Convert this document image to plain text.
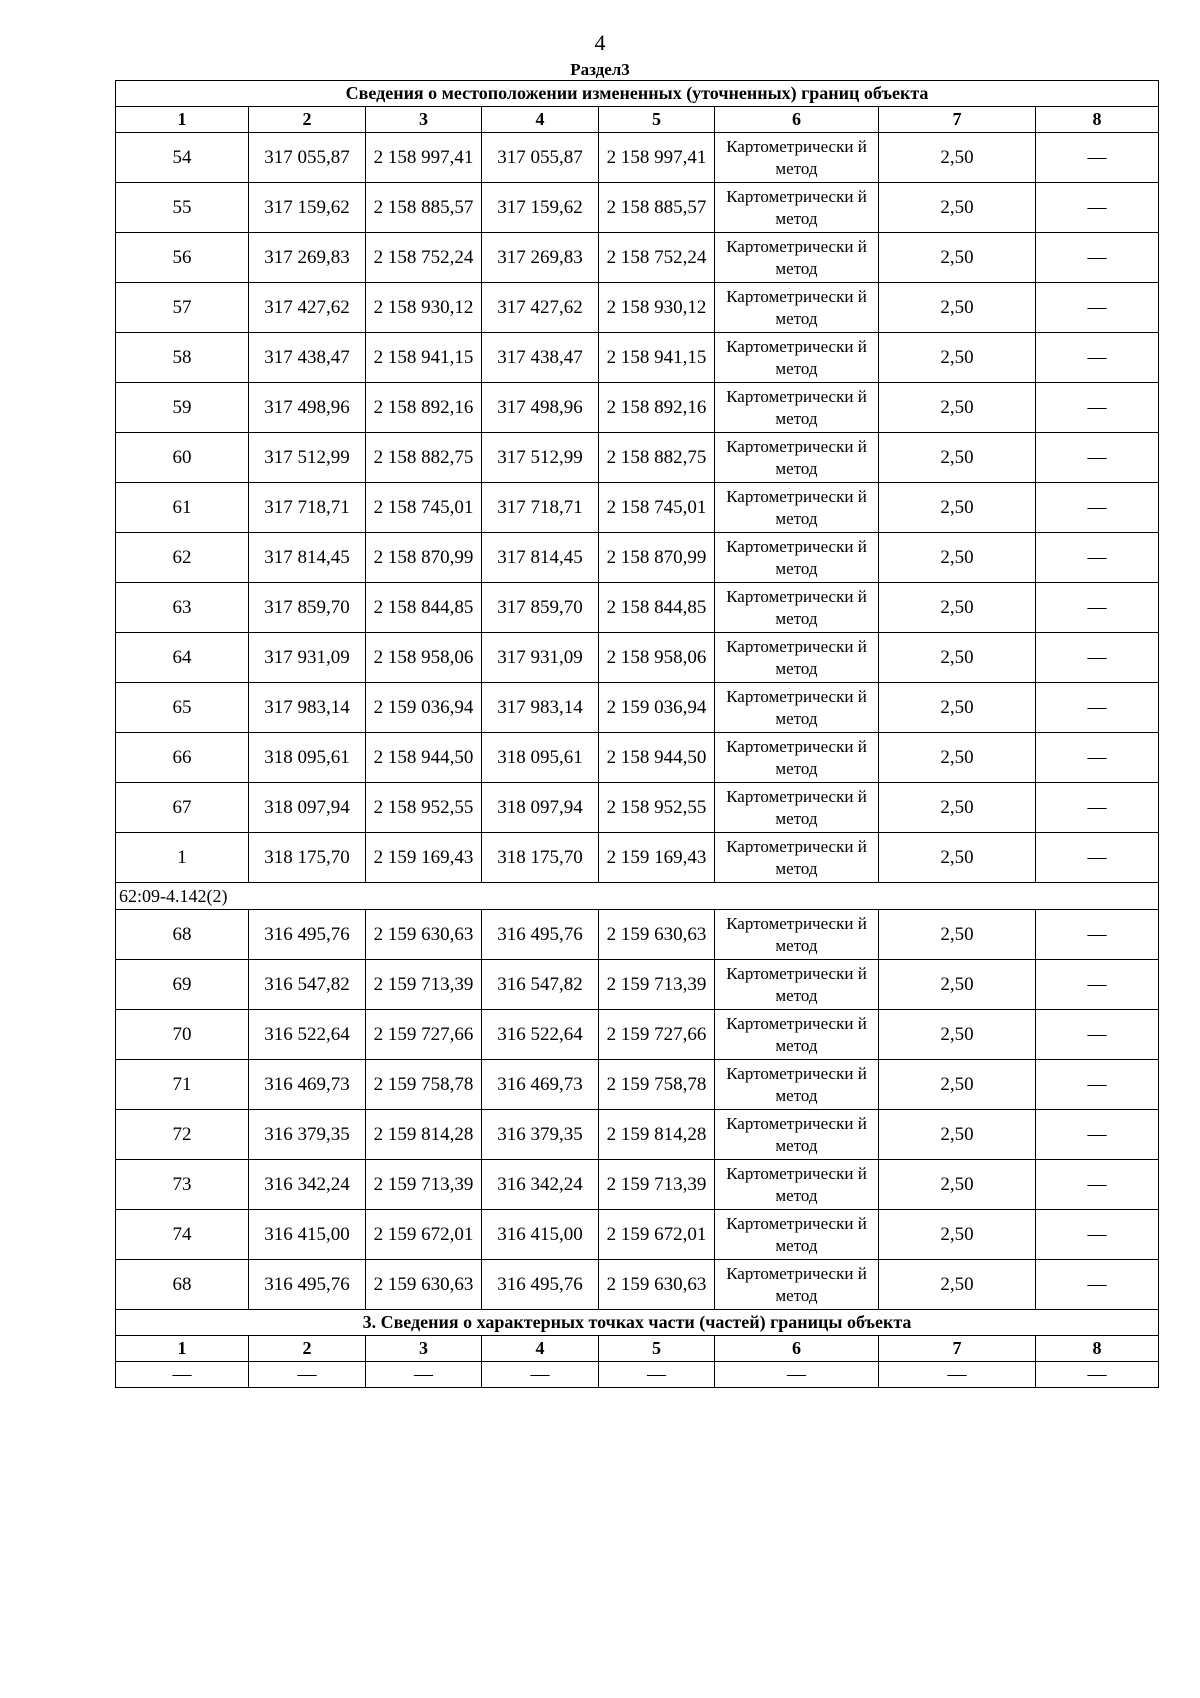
4
Раздел3
Сведения о местоположении измененных (уточненных) границ объекта							
1	2	3	4	5	6	7	8
54	317 055,87	2 158 997,41	317 055,87	2 158 997,41	Картометрически й метод	2,50	—
55	317 159,62	2 158 885,57	317 159,62	2 158 885,57	Картометрически й метод	2,50	—
56	317 269,83	2 158 752,24	317 269,83	2 158 752,24	Картометрически й метод	2,50	—
57	317 427,62	2 158 930,12	317 427,62	2 158 930,12	Картометрически й метод	2,50	—
58	317 438,47	2 158 941,15	317 438,47	2 158 941,15	Картометрически й метод	2,50	—
59	317 498,96	2 158 892,16	317 498,96	2 158 892,16	Картометрически й метод	2,50	—
60	317 512,99	2 158 882,75	317 512,99	2 158 882,75	Картометрически й метод	2,50	—
61	317 718,71	2 158 745,01	317 718,71	2 158 745,01	Картометрически й метод	2,50	—
62	317 814,45	2 158 870,99	317 814,45	2 158 870,99	Картометрически й метод	2,50	—
63	317 859,70	2 158 844,85	317 859,70	2 158 844,85	Картометрически й метод	2,50	—
64	317 931,09	2 158 958,06	317 931,09	2 158 958,06	Картометрически й метод	2,50	—
65	317 983,14	2 159 036,94	317 983,14	2 159 036,94	Картометрически й метод	2,50	—
66	318 095,61	2 158 944,50	318 095,61	2 158 944,50	Картометрически й метод	2,50	—
67	318 097,94	2 158 952,55	318 097,94	2 158 952,55	Картометрически й метод	2,50	—
1	318 175,70	2 159 169,43	318 175,70	2 159 169,43	Картометрически й метод	2,50	—
62:09-4.142(2)							
68	316 495,76	2 159 630,63	316 495,76	2 159 630,63	Картометрически й метод	2,50	—
69	316 547,82	2 159 713,39	316 547,82	2 159 713,39	Картометрически й метод	2,50	—
70	316 522,64	2 159 727,66	316 522,64	2 159 727,66	Картометрически й метод	2,50	—
71	316 469,73	2 159 758,78	316 469,73	2 159 758,78	Картометрически й метод	2,50	—
72	316 379,35	2 159 814,28	316 379,35	2 159 814,28	Картометрически й метод	2,50	—
73	316 342,24	2 159 713,39	316 342,24	2 159 713,39	Картометрически й метод	2,50	—
74	316 415,00	2 159 672,01	316 415,00	2 159 672,01	Картометрически й метод	2,50	—
68	316 495,76	2 159 630,63	316 495,76	2 159 630,63	Картометрически й метод	2,50	—
3. Сведения о характерных точках части (частей) границы объекта							
1	2	3	4	5	6	7	8
—	—	—	—	—	—	—	—
